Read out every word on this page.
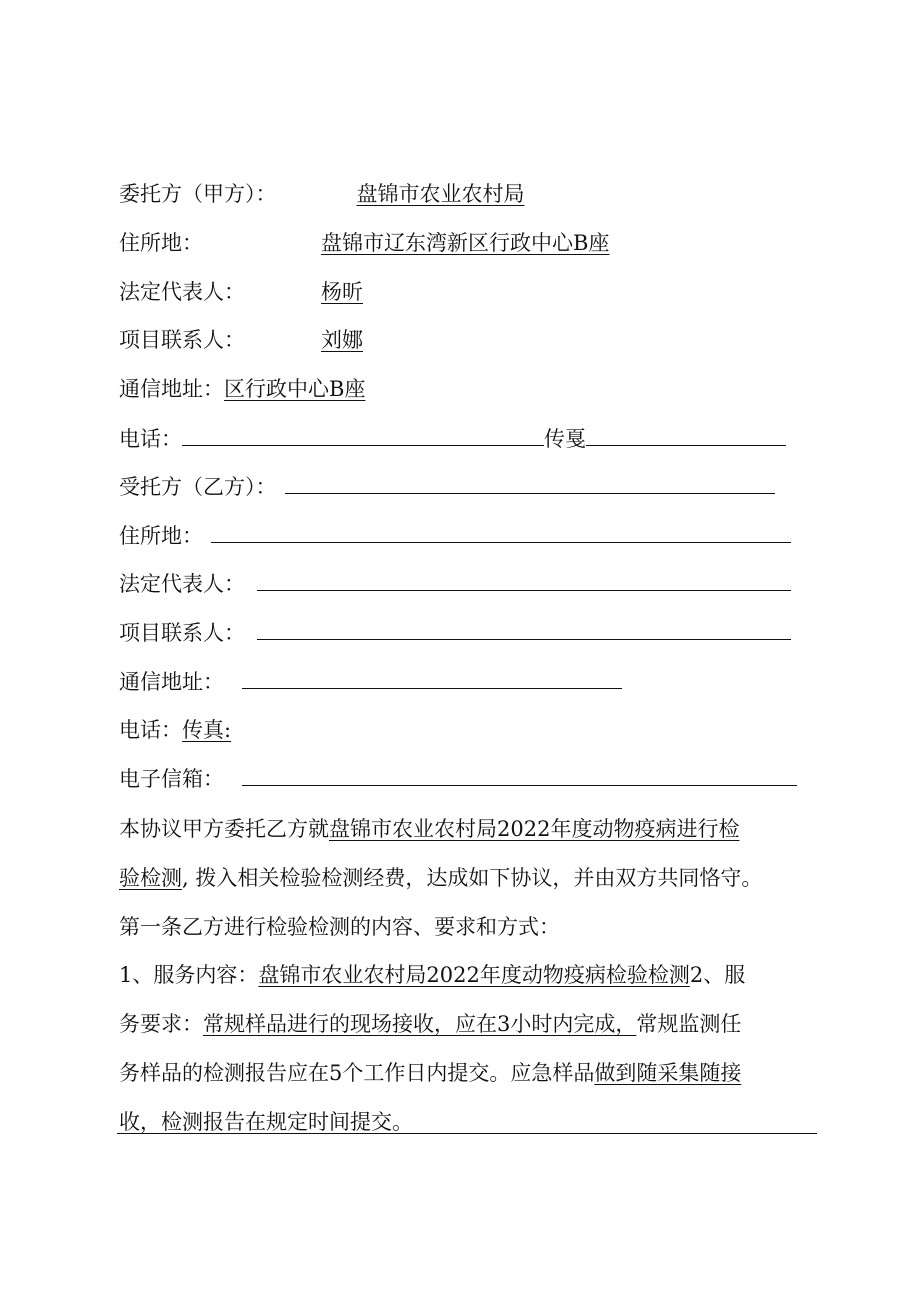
委托方（甲方）：	盘锦市农业农村局
住所地：	盘锦市辽东湾新区行政中心B座
法定代表人：	杨昕
项目联系人：	刘娜
通信地址：区行政中心B座
电话：	传戛
受托方（乙方）：
住所地：
法定代表人：
项目联系人：
通信地址：
电话：传真:
电子信箱：
本协议甲方委托乙方就盘锦市农业农村局2022年度动物疫病进行检
验检测, 拨入相关检验检测经费，达成如下协议，并由双方共同恪守。
第一条乙方进行检验检测的内容、要求和方式：
1、服务内容：盘锦市农业农村局2022年度动物疫病检验检测2、服
务要求：常规样品进行的现场接收，应在3小时内完成，常规监测任
务样品的检测报告应在5个工作日内提交。应急样品做到随采集随接
收，检测报告在规定时间提交。
